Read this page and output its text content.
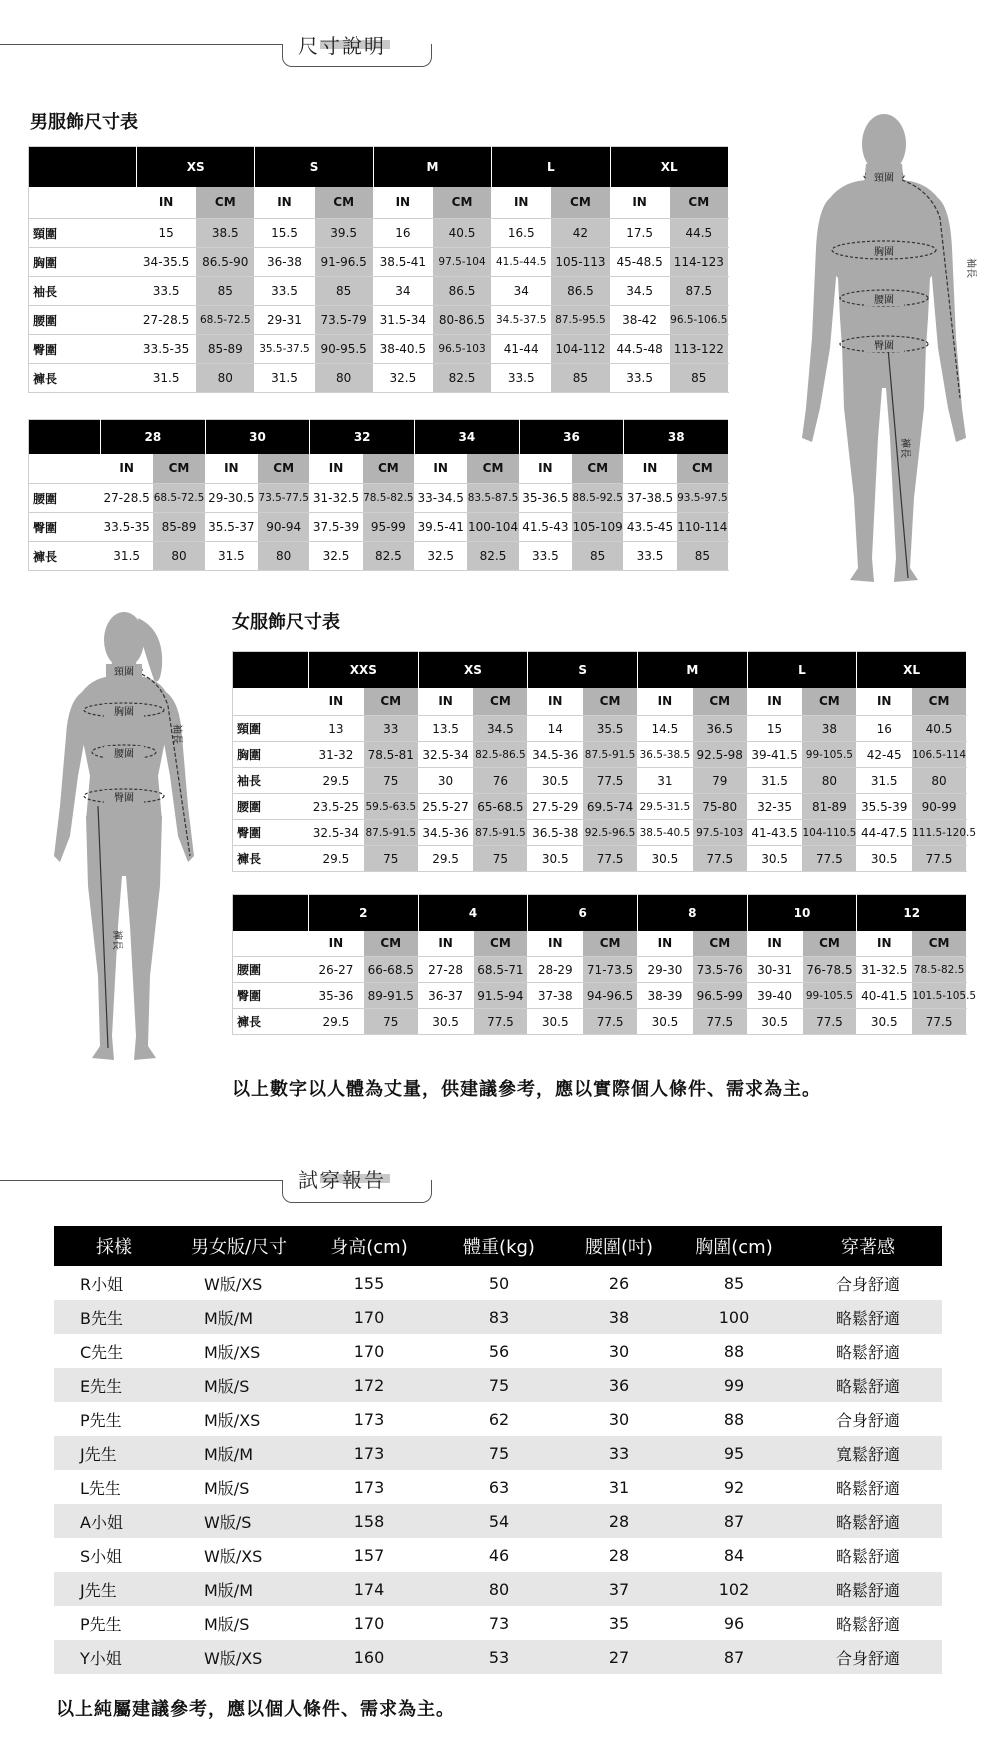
尺寸說明
男服飾尺寸表
	XS		S		M		L		XL	
	IN	CM	IN	CM	IN	CM	IN	CM	IN	CM
頸圍	15	38.5	15.5	39.5	16	40.5	16.5	42	17.5	44.5
胸圍	34-35.5	86.5-90	36-38	91-96.5	38.5-41	97.5-104	41.5-44.5	105-113	45-48.5	114-123
袖長	33.5	85	33.5	85	34	86.5	34	86.5	34.5	87.5
腰圍	27-28.5	68.5-72.5	29-31	73.5-79	31.5-34	80-86.5	34.5-37.5	87.5-95.5	38-42	96.5-106.5
臀圍	33.5-35	85-89	35.5-37.5	90-95.5	38-40.5	96.5-103	41-44	104-112	44.5-48	113-122
褲長	31.5	80	31.5	80	32.5	82.5	33.5	85	33.5	85
	28		30		32		34		36		38	
	IN	CM	IN	CM	IN	CM	IN	CM	IN	CM	IN	CM
腰圍	27-28.5	68.5-72.5	29-30.5	73.5-77.5	31-32.5	78.5-82.5	33-34.5	83.5-87.5	35-36.5	88.5-92.5	37-38.5	93.5-97.5
臀圍	33.5-35	85-89	35.5-37	90-94	37.5-39	95-99	39.5-41	100-104	41.5-43	105-109	43.5-45	110-114
褲長	31.5	80	31.5	80	32.5	82.5	32.5	82.5	33.5	85	33.5	85
頸圍
胸圍
腰圍
臀圍
袖長
褲長
頸圍
胸圍
腰圍
臀圍
袖長
褲長
女服飾尺寸表
	XXS		XS		S		M		L		XL	
	IN	CM	IN	CM	IN	CM	IN	CM	IN	CM	IN	CM
頸圍	13	33	13.5	34.5	14	35.5	14.5	36.5	15	38	16	40.5
胸圍	31-32	78.5-81	32.5-34	82.5-86.5	34.5-36	87.5-91.5	36.5-38.5	92.5-98	39-41.5	99-105.5	42-45	106.5-114
袖長	29.5	75	30	76	30.5	77.5	31	79	31.5	80	31.5	80
腰圍	23.5-25	59.5-63.5	25.5-27	65-68.5	27.5-29	69.5-74	29.5-31.5	75-80	32-35	81-89	35.5-39	90-99
臀圍	32.5-34	87.5-91.5	34.5-36	87.5-91.5	36.5-38	92.5-96.5	38.5-40.5	97.5-103	41-43.5	104-110.5	44-47.5	111.5-120.5
褲長	29.5	75	29.5	75	30.5	77.5	30.5	77.5	30.5	77.5	30.5	77.5
	2		4		6		8		10		12	
	IN	CM	IN	CM	IN	CM	IN	CM	IN	CM	IN	CM
腰圍	26-27	66-68.5	27-28	68.5-71	28-29	71-73.5	29-30	73.5-76	30-31	76-78.5	31-32.5	78.5-82.5
臀圍	35-36	89-91.5	36-37	91.5-94	37-38	94-96.5	38-39	96.5-99	39-40	99-105.5	40-41.5	101.5-105.5
褲長	29.5	75	30.5	77.5	30.5	77.5	30.5	77.5	30.5	77.5	30.5	77.5
以上數字以人體為丈量，供建議參考，應以實際個人條件、需求為主。
試穿報告
採樣	男女版/尺寸	身高(cm)	體重(kg)	腰圍(吋)	胸圍(cm)	穿著感
R小姐	W版/XS	155	50	26	85	合身舒適
B先生	M版/M	170	83	38	100	略鬆舒適
C先生	M版/XS	170	56	30	88	略鬆舒適
E先生	M版/S	172	75	36	99	略鬆舒適
P先生	M版/XS	173	62	30	88	合身舒適
J先生	M版/M	173	75	33	95	寬鬆舒適
L先生	M版/S	173	63	31	92	略鬆舒適
A小姐	W版/S	158	54	28	87	略鬆舒適
S小姐	W版/XS	157	46	28	84	略鬆舒適
J先生	M版/M	174	80	37	102	略鬆舒適
P先生	M版/S	170	73	35	96	略鬆舒適
Y小姐	W版/XS	160	53	27	87	合身舒適
以上純屬建議參考，應以個人條件、需求為主。
